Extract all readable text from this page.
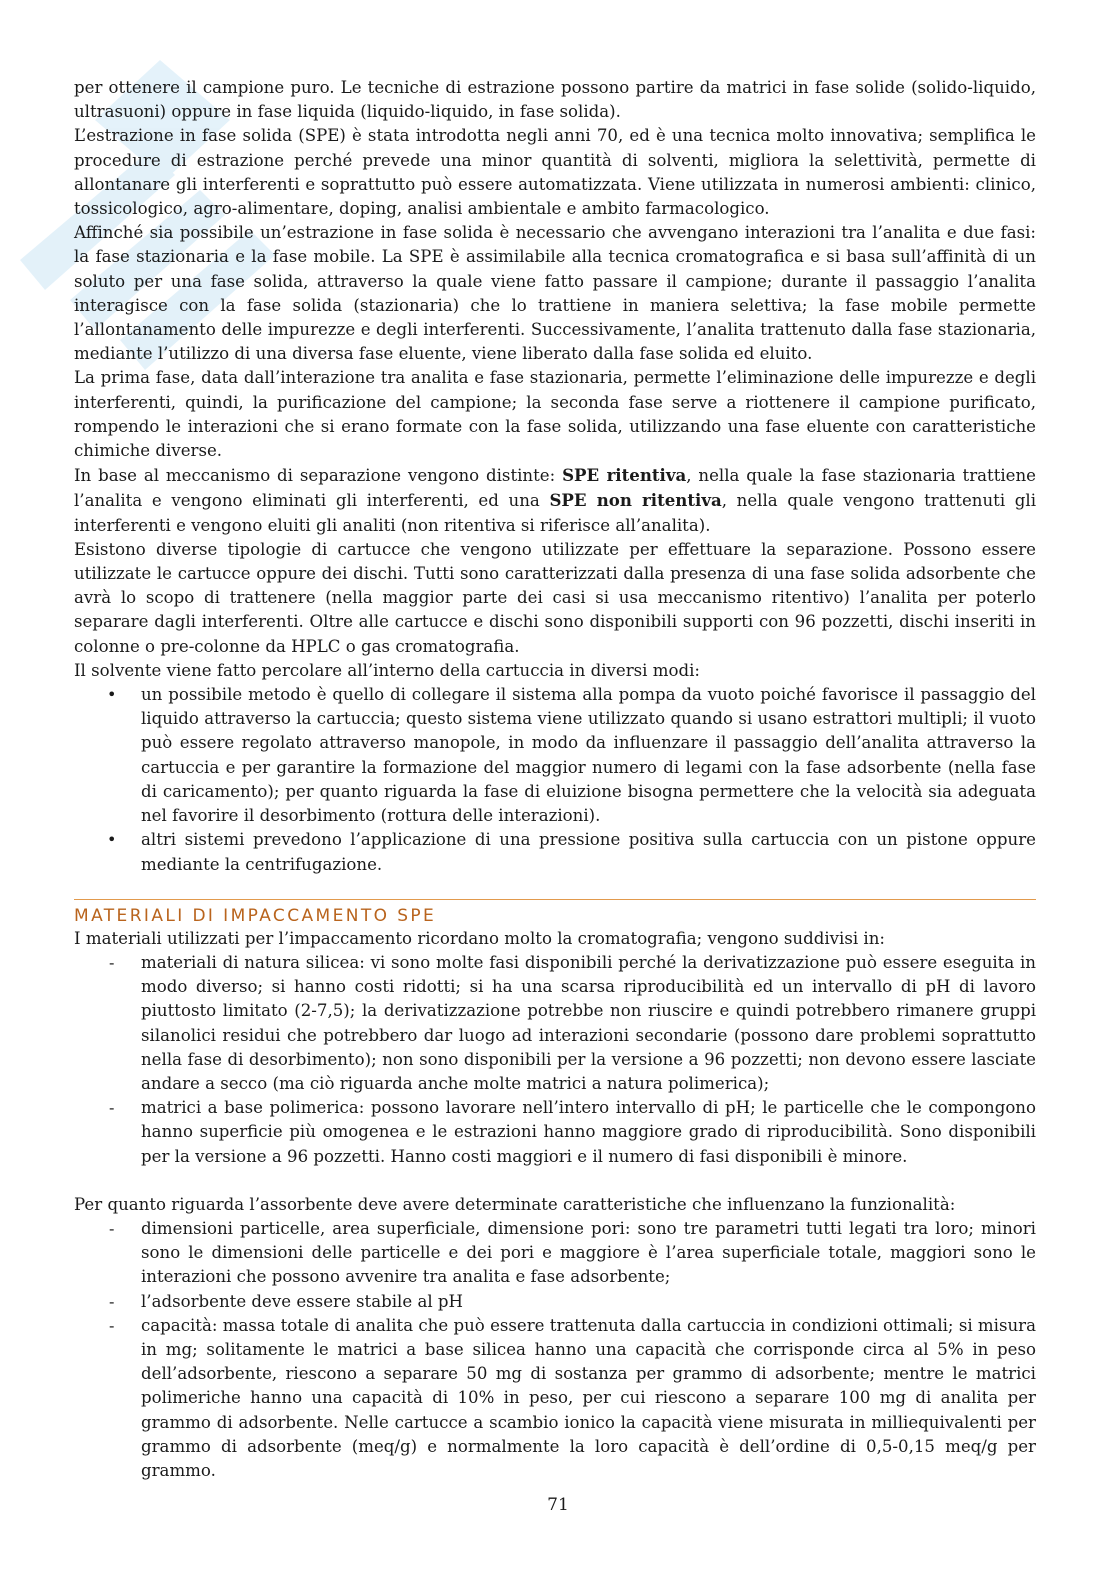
per ottenere il campione puro. Le tecniche di estrazione possono partire da matrici in fase solide (solido-liquido, ultrasuoni) oppure in fase liquida (liquido-liquido, in fase solida).

L’estrazione in fase solida (SPE) è stata introdotta negli anni 70, ed è una tecnica molto innovativa; semplifica le procedure di estrazione perché prevede una minor quantità di solventi, migliora la selettività, permette di allontanare gli interferenti e soprattutto può essere automatizzata. Viene utilizzata in numerosi ambienti: clinico, tossicologico, agro-alimentare, doping, analisi ambientale e ambito farmacologico.

Affinché sia possibile un’estrazione in fase solida è necessario che avvengano interazioni tra l’analita e due fasi: la fase stazionaria e la fase mobile. La SPE è assimilabile alla tecnica cromatografica e si basa sull’affinità di un soluto per una fase solida, attraverso la quale viene fatto passare il campione; durante il passaggio l’analita interagisce con la fase solida (stazionaria) che lo trattiene in maniera selettiva; la fase mobile permette l’allontanamento delle impurezze e degli interferenti. Successivamente, l’analita trattenuto dalla fase stazionaria, mediante l’utilizzo di una diversa fase eluente, viene liberato dalla fase solida ed eluito.

La prima fase, data dall’interazione tra analita e fase stazionaria, permette l’eliminazione delle impurezze e degli interferenti, quindi, la purificazione del campione; la seconda fase serve a riottenere il campione purificato, rompendo le interazioni che si erano formate con la fase solida, utilizzando una fase eluente con caratteristiche chimiche diverse.

In base al meccanismo di separazione vengono distinte: SPE ritentiva, nella quale la fase stazionaria trattiene l’analita e vengono eliminati gli interferenti, ed una SPE non ritentiva, nella quale vengono trattenuti gli interferenti e vengono eluiti gli analiti (non ritentiva si riferisce all’analita).

Esistono diverse tipologie di cartucce che vengono utilizzate per effettuare la separazione. Possono essere utilizzate le cartucce oppure dei dischi. Tutti sono caratterizzati dalla presenza di una fase solida adsorbente che avrà lo scopo di trattenere (nella maggior parte dei casi si usa meccanismo ritentivo) l’analita per poterlo separare dagli interferenti. Oltre alle cartucce e dischi sono disponibili supporti con 96 pozzetti, dischi inseriti in colonne o pre-colonne da HPLC o gas cromatografia.

Il solvente viene fatto percolare all’interno della cartuccia in diversi modi:

• un possibile metodo è quello di collegare il sistema alla pompa da vuoto poiché favorisce il passaggio del liquido attraverso la cartuccia; questo sistema viene utilizzato quando si usano estrattori multipli; il vuoto può essere regolato attraverso manopole, in modo da influenzare il passaggio dell’analita attraverso la cartuccia e per garantire la formazione del maggior numero di legami con la fase adsorbente (nella fase di caricamento); per quanto riguarda la fase di eluizione bisogna permettere che la velocità sia adeguata nel favorire il desorbimento (rottura delle interazioni).
• altri sistemi prevedono l’applicazione di una pressione positiva sulla cartuccia con un pistone oppure mediante la centrifugazione.
MATERIALI DI IMPACCAMENTO SPE

I materiali utilizzati per l’impaccamento ricordano molto la cromatografia; vengono suddivisi in:

- materiali di natura silicea: vi sono molte fasi disponibili perché la derivatizzazione può essere eseguita in modo diverso; si hanno costi ridotti; si ha una scarsa riproducibilità ed un intervallo di pH di lavoro piuttosto limitato (2-7,5); la derivatizzazione potrebbe non riuscire e quindi potrebbero rimanere gruppi silanolici residui che potrebbero dar luogo ad interazioni secondarie (possono dare problemi soprattutto nella fase di desorbimento); non sono disponibili per la versione a 96 pozzetti; non devono essere lasciate andare a secco (ma ciò riguarda anche molte matrici a natura polimerica);
- matrici a base polimerica: possono lavorare nell’intero intervallo di pH; le particelle che le compongono hanno superficie più omogenea e le estrazioni hanno maggiore grado di riproducibilità. Sono disponibili per la versione a 96 pozzetti. Hanno costi maggiori e il numero di fasi disponibili è minore.

Per quanto riguarda l’assorbente deve avere determinate caratteristiche che influenzano la funzionalità:

- dimensioni particelle, area superficiale, dimensione pori: sono tre parametri tutti legati tra loro; minori sono le dimensioni delle particelle e dei pori e maggiore è l’area superficiale totale, maggiori sono le interazioni che possono avvenire tra analita e fase adsorbente;
- l’adsorbente deve essere stabile al pH
- capacità: massa totale di analita che può essere trattenuta dalla cartuccia in condizioni ottimali; si misura in mg; solitamente le matrici a base silicea hanno una capacità che corrisponde circa al 5% in peso dell’adsorbente, riescono a separare 50 mg di sostanza per grammo di adsorbente; mentre le matrici polimeriche hanno una capacità di 10% in peso, per cui riescono a separare 100 mg di analita per grammo di adsorbente. Nelle cartucce a scambio ionico la capacità viene misurata in milliequivalenti per grammo di adsorbente (meq/g) e normalmente la loro capacità è dell’ordine di 0,5-0,15 meq/g per grammo.
71
